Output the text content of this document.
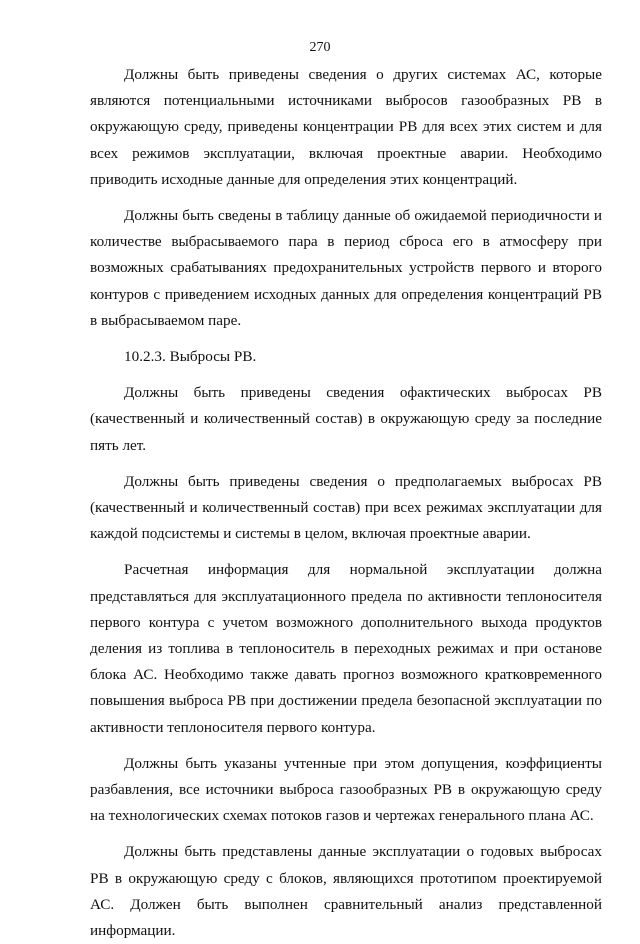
270

Должны быть приведены сведения о других системах АС, которые являются потенциальными источниками выбросов газообразных РВ в окружающую среду, приведены концентрации РВ для всех этих систем и для всех режимов эксплуатации, включая проектные аварии. Необходимо приводить исходные данные для определения этих концентраций.

Должны быть сведены в таблицу данные об ожидаемой периодичности и количестве выбрасываемого пара в период сброса его в атмосферу при возможных срабатываниях предохранительных устройств первого и второго контуров с приведением исходных данных для определения концентраций РВ в выбрасываемом паре.

10.2.3. Выбросы РВ.

Должны быть приведены сведения офактических выбросах РВ (качественный и количественный состав) в окружающую среду за последние пять лет.

Должны быть приведены сведения о предполагаемых выбросах РВ (качественный и количественный состав) при всех режимах эксплуатации для каждой подсистемы и системы в целом, включая проектные аварии.

Расчетная информация для нормальной эксплуатации должна представляться для эксплуатационного предела по активности теплоносителя первого контура с учетом возможного дополнительного выхода продуктов деления из топлива в теплоноситель в переходных режимах и при останове блока АС. Необходимо также давать прогноз возможного кратковременного повышения выброса РВ при достижении предела безопасной эксплуатации по активности теплоносителя первого контура.

Должны быть указаны учтенные при этом допущения, коэффициенты разбавления, все источники выброса газообразных РВ в окружающую среду на технологических схемах потоков газов и чертежах генерального плана АС.

Должны быть представлены данные эксплуатации о годовых выбросах РВ в окружающую среду с блоков, являющихся прототипом проектируемой АС. Должен быть выполнен сравнительный анализ представленной информации.
